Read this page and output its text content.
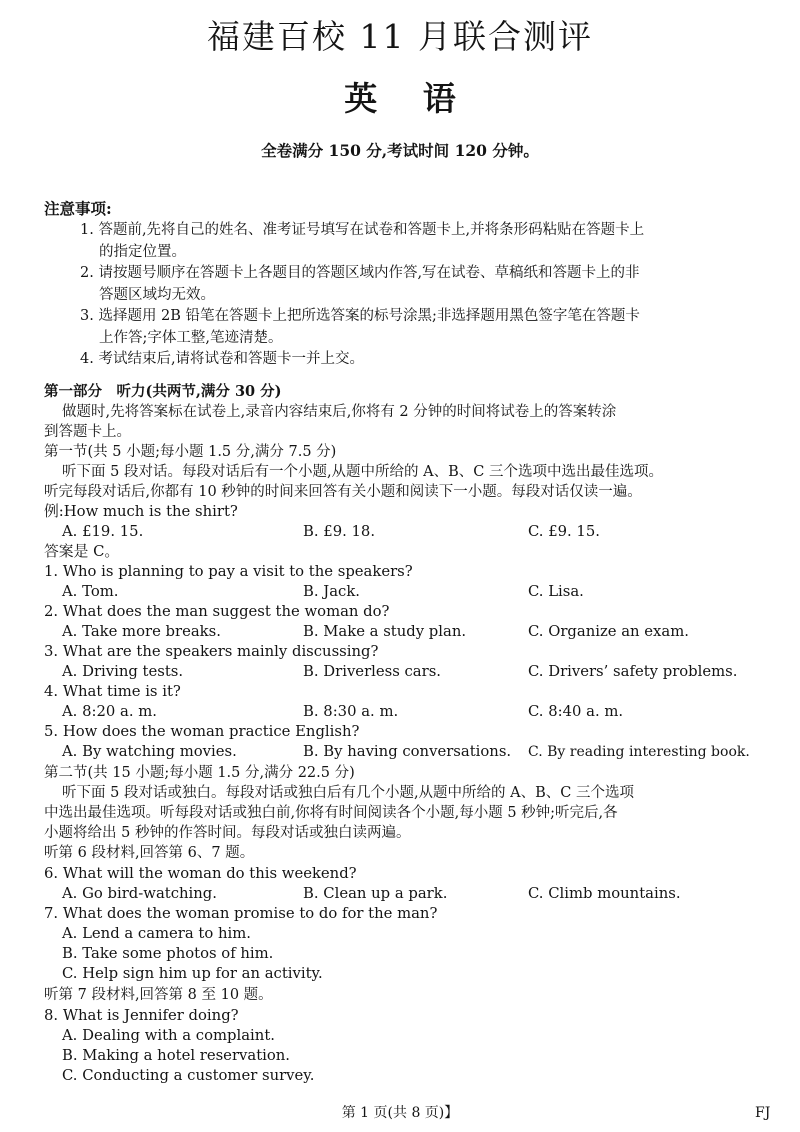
福建百校 11 月联合测评
英 语
全卷满分 150 分,考试时间 120 分钟。
注意事项:
1. 答题前,先将自己的姓名、准考证号填写在试卷和答题卡上,并将条形码粘贴在答题卡上
的指定位置。
2. 请按题号顺序在答题卡上各题目的答题区域内作答,写在试卷、草稿纸和答题卡上的非
答题区域均无效。
3. 选择题用 2B 铅笔在答题卡上把所选答案的标号涂黑;非选择题用黑色签字笔在答题卡
上作答;字体工整,笔迹清楚。
4. 考试结束后,请将试卷和答题卡一并上交。
第一部分　听力(共两节,满分 30 分)
做题时,先将答案标在试卷上,录音内容结束后,你将有 2 分钟的时间将试卷上的答案转涂
到答题卡上。
第一节(共 5 小题;每小题 1.5 分,满分 7.5 分)
听下面 5 段对话。每段对话后有一个小题,从题中所给的 A、B、C 三个选项中选出最佳选项。
听完每段对话后,你都有 10 秒钟的时间来回答有关小题和阅读下一小题。每段对话仅读一遍。
例:How much is the shirt?
A. £19. 15.	B. £9. 18.	C. £9. 15.
答案是 C。
1. Who is planning to pay a visit to the speakers?
A. Tom.	B. Jack.	C. Lisa.
2. What does the man suggest the woman do?
A. Take more breaks.	B. Make a study plan.	C. Organize an exam.
3. What are the speakers mainly discussing?
A. Driving tests.	B. Driverless cars.	C. Drivers’ safety problems.
4. What time is it?
A. 8:20 a. m.	B. 8:30 a. m.	C. 8:40 a. m.
5. How does the woman practice English?
A. By watching movies.	B. By having conversations. C. By reading interesting book.
第二节(共 15 小题;每小题 1.5 分,满分 22.5 分)
听下面 5 段对话或独白。每段对话或独白后有几个小题,从题中所给的 A、B、C 三个选项
中选出最佳选项。听每段对话或独白前,你将有时间阅读各个小题,每小题 5 秒钟;听完后,各
小题将给出 5 秒钟的作答时间。每段对话或独白读两遍。
听第 6 段材料,回答第 6、7 题。
6. What will the woman do this weekend?
A. Go bird-watching.	B. Clean up a park.	C. Climb mountains.
7. What does the woman promise to do for the man?
A. Lend a camera to him.
B. Take some photos of him.
C. Help sign him up for an activity.
听第 7 段材料,回答第 8 至 10 题。
8. What is Jennifer doing?
A. Dealing with a complaint.
B. Making a hotel reservation.
C. Conducting a customer survey.
第 1 页(共 8 页)】	FJ
